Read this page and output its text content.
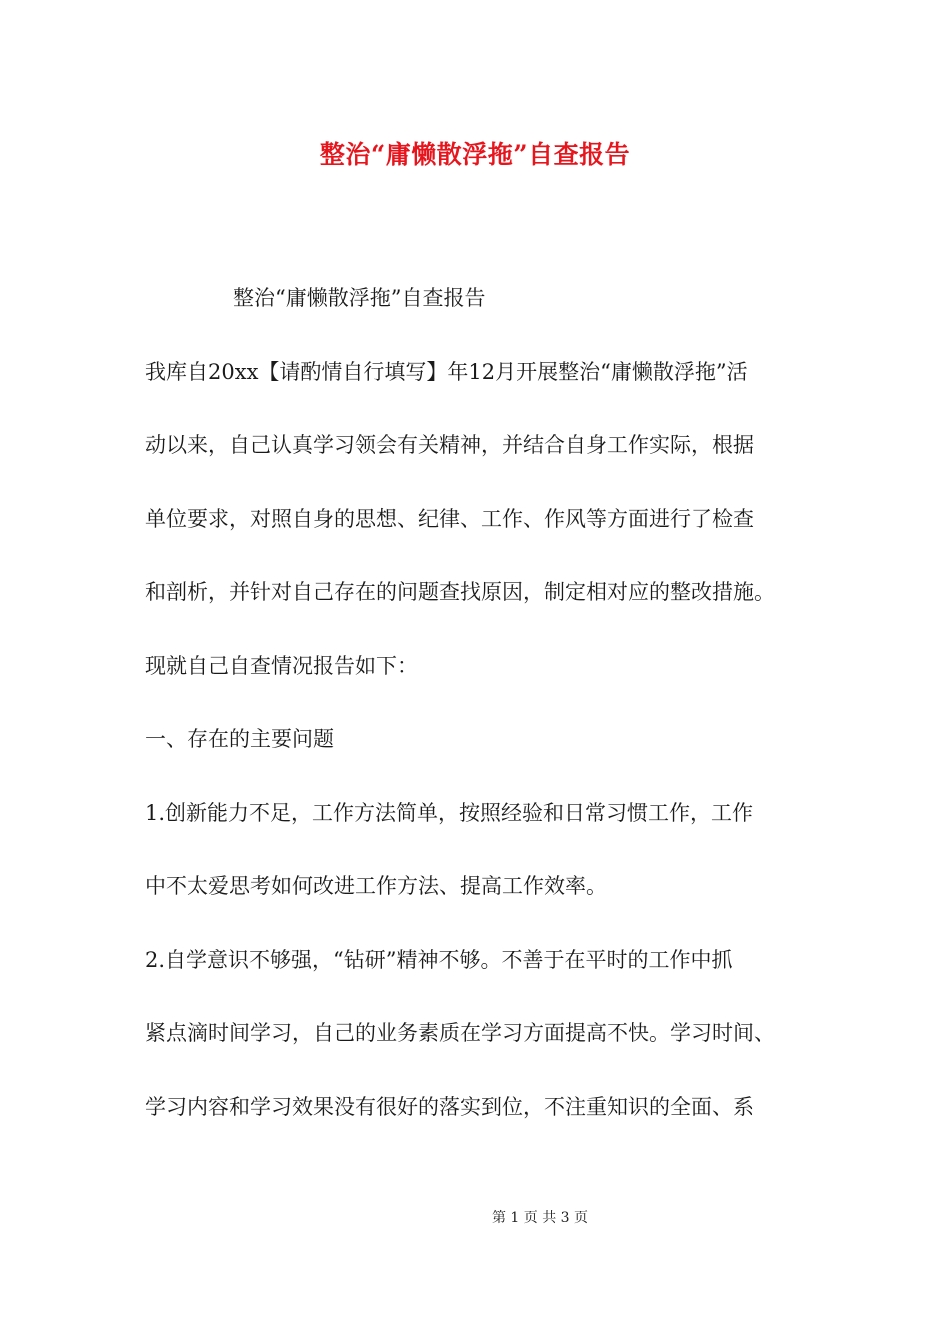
整治“庸懒散浮拖”自查报告
整治“庸懒散浮拖”自查报告
我库自20xx【请酌情自行填写】年12月开展整治“庸懒散浮拖”活
动以来，自己认真学习领会有关精神，并结合自身工作实际，根据
单位要求，对照自身的思想、纪律、工作、作风等方面进行了检查
和剖析，并针对自己存在的问题查找原因，制定相对应的整改措施。
现就自己自查情况报告如下：
一、存在的主要问题
1.创新能力不足，工作方法简单，按照经验和日常习惯工作，工作
中不太爱思考如何改进工作方法、提高工作效率。
2.自学意识不够强，“钻研”精神不够。不善于在平时的工作中抓
紧点滴时间学习，自己的业务素质在学习方面提高不快。学习时间、
学习内容和学习效果没有很好的落实到位，不注重知识的全面、系
第 1 页 共 3 页
